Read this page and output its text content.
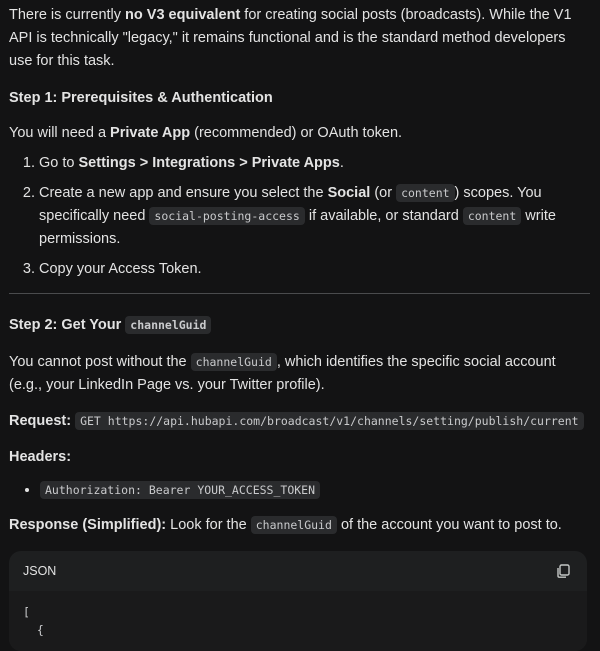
There is currently no V3 equivalent for creating social posts (broadcasts). While the V1 API is technically "legacy," it remains functional and is the standard method developers use for this task.

Step 1: Prerequisites & Authentication

You will need a Private App (recommended) or OAuth token.

1. Go to Settings > Integrations > Private Apps.
2. Create a new app and ensure you select the Social (or content ) scopes. You specifically need social-posting-access if available, or standard content write permissions.
3. Copy your Access Token.
Step 2: Get Your channelGuid

You cannot post without the channelGuid , which identifies the specific social account (e.g., your LinkedIn Page vs. your Twitter profile).

Request: GET https://api.hubapi.com/broadcast/v1/channels/setting/publish/current

Headers:

• Authorization: Bearer YOUR_ACCESS_TOKEN

Response (Simplified): Look for the channelGuid of the account you want to post to.

JSON
[
{
